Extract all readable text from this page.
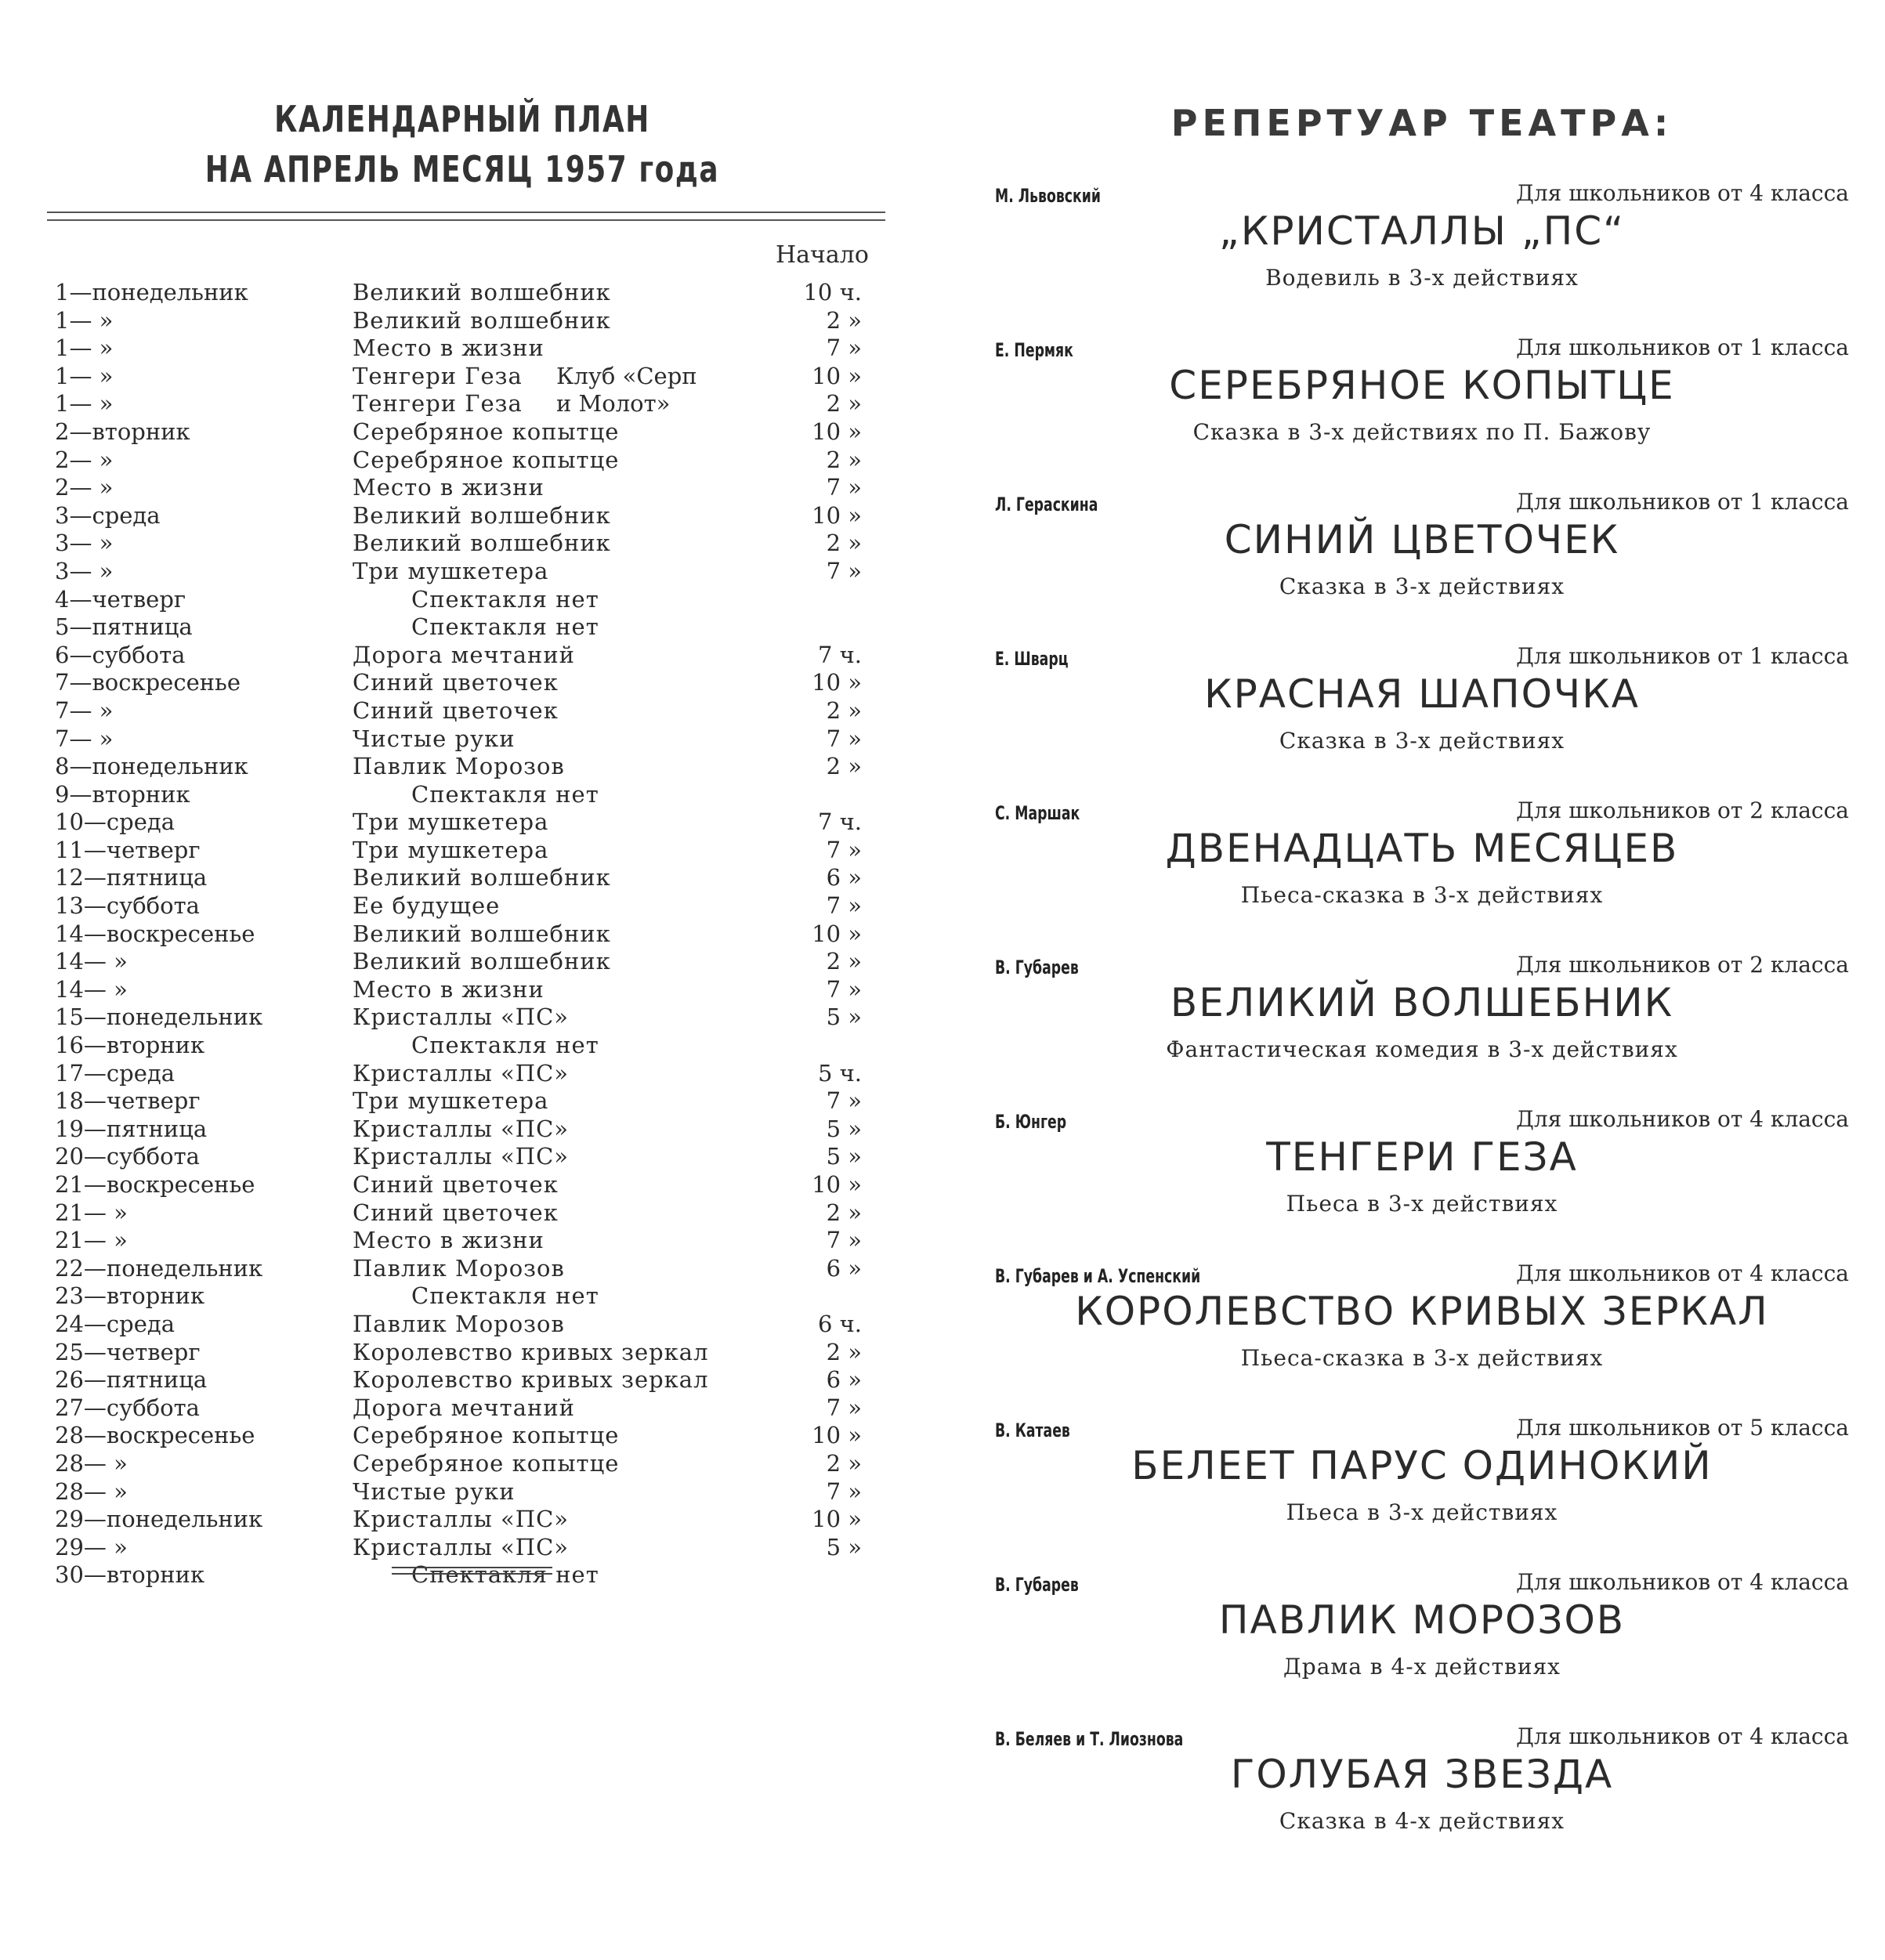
КАЛЕНДАРНЫЙ ПЛАН
НА АПРЕЛЬ МЕСЯЦ 1957 года
Начало
1—понедельник	Великий волшебник	10 ч.
1— »	Великий волшебник	2 »
1— »	Место в жизни	7 »
1— »	Тенгери Геза Клуб «Серп	10 »
1— »	Тенгери Геза и Молот»	2 »
2—вторник	Серебряное копытце	10 »
2— »	Серебряное копытце	2 »
2— »	Место в жизни	7 »
3—среда	Великий волшебник	10 »
3— »	Великий волшебник	2 »
3— »	Три мушкетера	7 »
4—четверг	Спектакля нет
5—пятница	Спектакля нет
6—суббота	Дорога мечтаний	7 ч.
7—воскресенье	Синий цветочек	10 »
7— »	Синий цветочек	2 »
7— »	Чистые руки	7 »
8—понедельник	Павлик Морозов	2 »
9—вторник	Спектакля нет
10—среда	Три мушкетера	7 ч.
11—четверг	Три мушкетера	7 »
12—пятница	Великий волшебник	6 »
13—суббота	Ее будущее	7 »
14—воскресенье	Великий волшебник	10 »
14— »	Великий волшебник	2 »
14— »	Место в жизни	7 »
15—понедельник	Кристаллы «ПС»	5 »
16—вторник	Спектакля нет
17—среда	Кристаллы «ПС»	5 ч.
18—четверг	Три мушкетера	7 »
19—пятница	Кристаллы «ПС»	5 »
20—суббота	Кристаллы «ПС»	5 »
21—воскресенье	Синий цветочек	10 »
21— »	Синий цветочек	2 »
21— »	Место в жизни	7 »
22—понедельник	Павлик Морозов	6 »
23—вторник	Спектакля нет
24—среда	Павлик Морозов	6 ч.
25—четверг	Королевство кривых зеркал	2 »
26—пятница	Королевство кривых зеркал	6 »
27—суббота	Дорога мечтаний	7 »
28—воскресенье	Серебряное копытце	10 »
28— »	Серебряное копытце	2 »
28— »	Чистые руки	7 »
29—понедельник	Кристаллы «ПС»	10 »
29— »	Кристаллы «ПС»	5 »
30—вторник	Спектакля нет
РЕПЕРТУАР ТЕАТРА:
М. Львовский	Для школьников от 4 класса
„КРИСТАЛЛЫ „ПС“
Водевиль в 3-х действиях
Е. Пермяк	Для школьников от 1 класса
СЕРЕБРЯНОЕ КОПЫТЦЕ
Сказка в 3-х действиях по П. Бажову
Л. Гераскина	Для школьников от 1 класса
СИНИЙ ЦВЕТОЧЕК
Сказка в 3-х действиях
Е. Шварц	Для школьников от 1 класса
КРАСНАЯ ШАПОЧКА
Сказка в 3-х действиях
С. Маршак	Для школьников от 2 класса
ДВЕНАДЦАТЬ МЕСЯЦЕВ
Пьеса-сказка в 3-х действиях
В. Губарев	Для школьников от 2 класса
ВЕЛИКИЙ ВОЛШЕБНИК
Фантастическая комедия в 3-х действиях
Б. Юнгер	Для школьников от 4 класса
ТЕНГЕРИ ГЕЗА
Пьеса в 3-х действиях
В. Губарев и А. Успенский	Для школьников от 4 класса
КОРОЛЕВСТВО КРИВЫХ ЗЕРКАЛ
Пьеса-сказка в 3-х действиях
В. Катаев	Для школьников от 5 класса
БЕЛЕЕТ ПАРУС ОДИНОКИЙ
Пьеса в 3-х действиях
В. Губарев	Для школьников от 4 класса
ПАВЛИК МОРОЗОВ
Драма в 4-х действиях
В. Беляев и Т. Лиознова	Для школьников от 4 класса
ГОЛУБАЯ ЗВЕЗДА
Сказка в 4-х действиях
